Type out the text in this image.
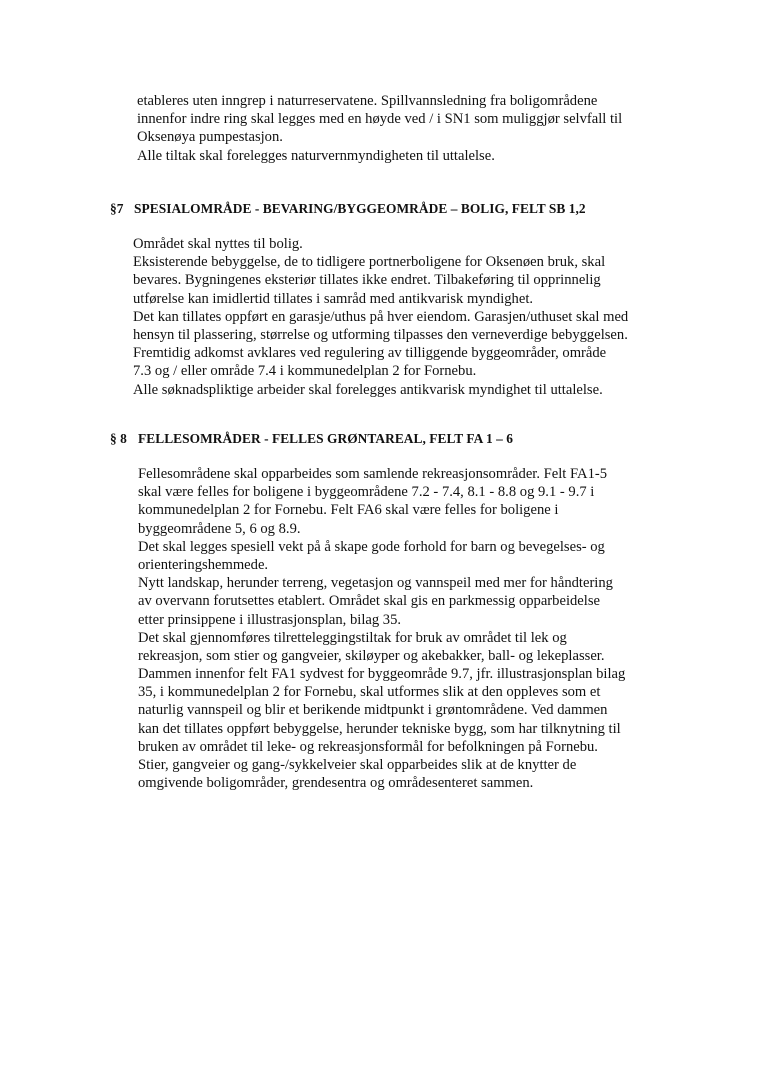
etableres uten inngrep i naturreservatene. Spillvannsledning fra boligområdene
innenfor indre ring skal legges med en høyde ved / i SN1 som muliggjør selvfall til
Oksenøya pumpestasjon.
Alle tiltak skal forelegges naturvernmyndigheten til uttalelse.
§7 SPESIALOMRÅDE - BEVARING/BYGGEOMRÅDE – BOLIG, FELT SB 1,2
Området skal nyttes til bolig.
Eksisterende bebyggelse, de to tidligere portnerboligene for Oksenøen bruk, skal
bevares. Bygningenes eksteriør tillates ikke endret. Tilbakeføring til opprinnelig
utførelse kan imidlertid tillates i samråd med antikvarisk myndighet.
Det kan tillates oppført en garasje/uthus på hver eiendom. Garasjen/uthuset skal med
hensyn til plassering, størrelse og utforming tilpasses den verneverdige bebyggelsen.
Fremtidig adkomst avklares ved regulering av tilliggende byggeområder, område
7.3 og / eller område 7.4 i kommunedelplan 2 for Fornebu.
Alle søknadspliktige arbeider skal forelegges antikvarisk myndighet til uttalelse.
§ 8 FELLESOMRÅDER - FELLES GRØNTAREAL, FELT FA 1 – 6
Fellesområdene skal opparbeides som samlende rekreasjonsområder. Felt FA1-5
skal være felles for boligene i byggeområdene 7.2 - 7.4, 8.1 - 8.8 og 9.1 - 9.7 i
kommunedelplan 2 for Fornebu. Felt FA6 skal være felles for boligene i
byggeområdene 5, 6 og 8.9.
Det skal legges spesiell vekt på å skape gode forhold for barn og bevegelses- og
orienteringshemmede.
Nytt landskap, herunder terreng, vegetasjon og vannspeil med mer for håndtering
av overvann forutsettes etablert. Området skal gis en parkmessig opparbeidelse
etter prinsippene i illustrasjonsplan, bilag 35.
Det skal gjennomføres tilretteleggingstiltak for bruk av området til lek og
rekreasjon, som stier og gangveier, skiløyper og akebakker, ball- og lekeplasser.
Dammen innenfor felt FA1 sydvest for byggeområde 9.7, jfr. illustrasjonsplan bilag
35, i kommunedelplan 2 for Fornebu, skal utformes slik at den oppleves som et
naturlig vannspeil og blir et berikende midtpunkt i grøntområdene. Ved dammen
kan det tillates oppført bebyggelse, herunder tekniske bygg, som har tilknytning til
bruken av området til leke- og rekreasjonsformål for befolkningen på Fornebu.
Stier, gangveier og gang-/sykkelveier skal opparbeides slik at de knytter de
omgivende boligområder, grendesentra og områdesenteret sammen.
